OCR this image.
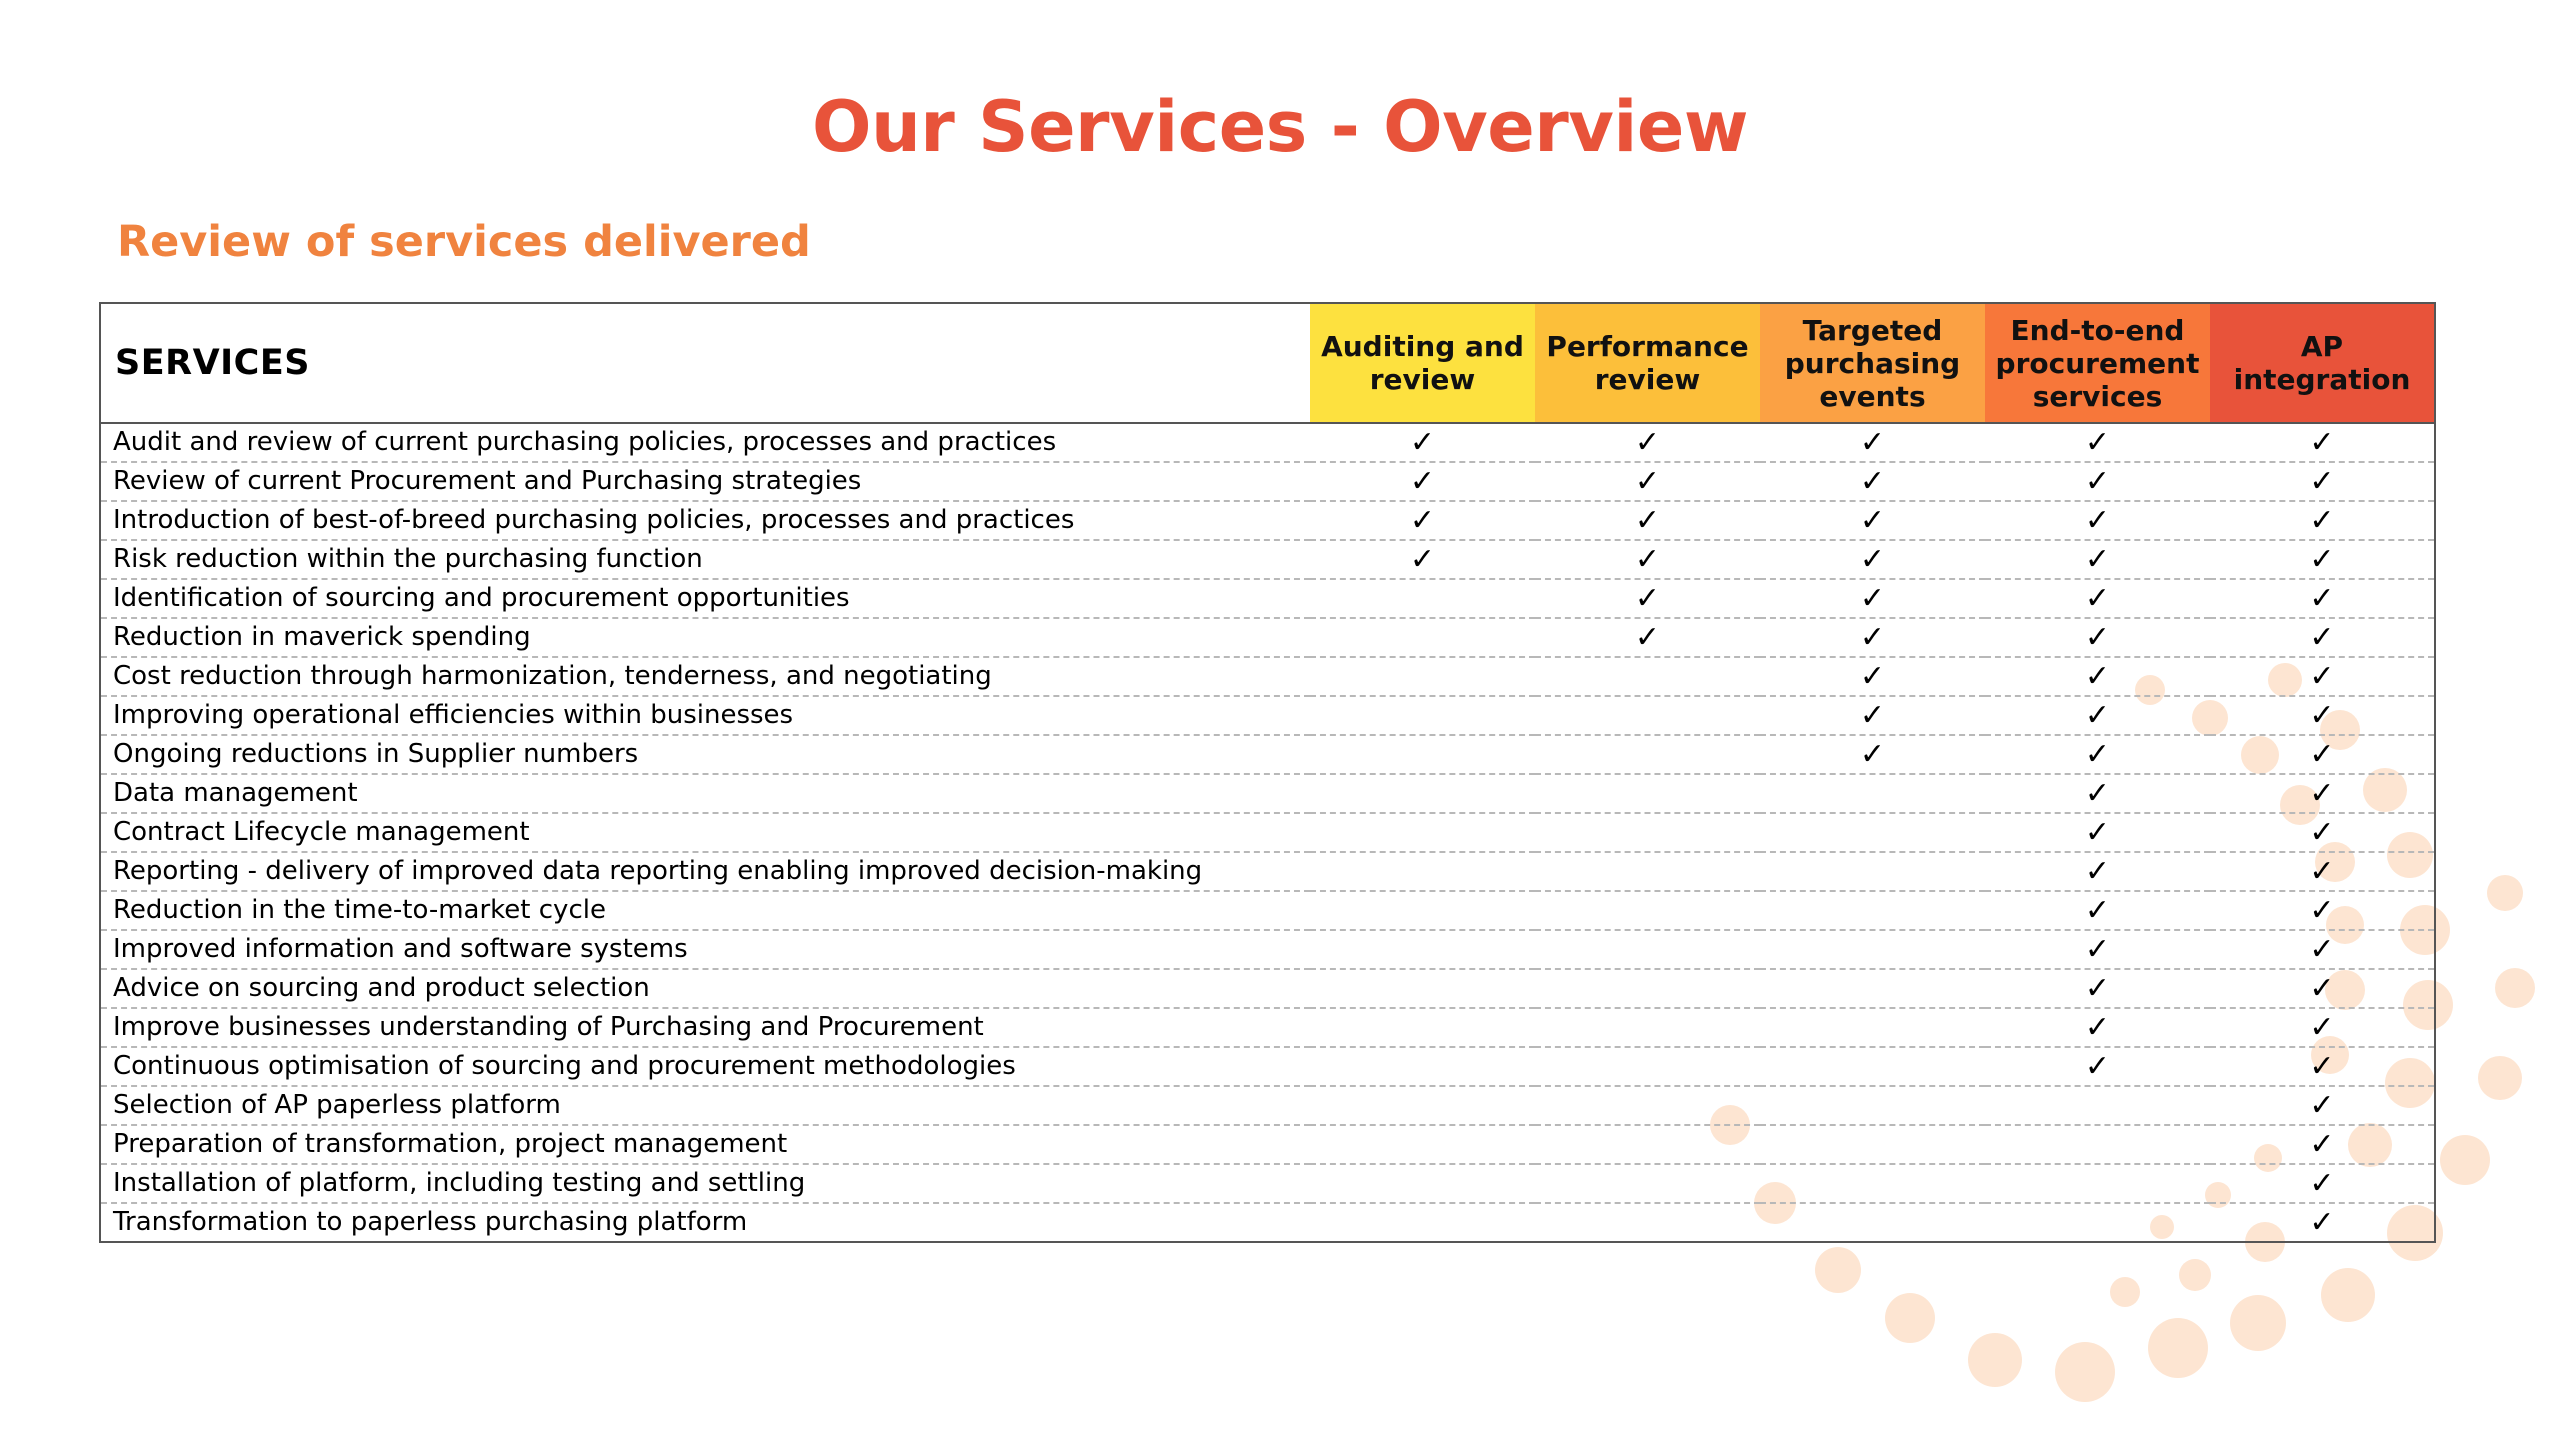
Our Services - Overview
Review of services delivered
SERVICES	Auditing and review	Performance review	Targeted purchasing events	End-to-end procurement services	AP integration
Audit and review of current purchasing policies, processes and practices	✓	✓	✓	✓	✓
Review of current Procurement and Purchasing strategies	✓	✓	✓	✓	✓
Introduction of best-of-breed purchasing policies, processes and practices	✓	✓	✓	✓	✓
Risk reduction within the purchasing function	✓	✓	✓	✓	✓
Identification of sourcing and procurement opportunities		✓	✓	✓	✓
Reduction in maverick spending		✓	✓	✓	✓
Cost reduction through harmonization, tenderness, and negotiating			✓	✓	✓
Improving operational efficiencies within businesses			✓	✓	✓
Ongoing reductions in Supplier numbers			✓	✓	✓
Data management				✓	✓
Contract Lifecycle management				✓	✓
Reporting - delivery of improved data reporting enabling improved decision-making				✓	✓
Reduction in the time-to-market cycle				✓	✓
Improved information and software systems				✓	✓
Advice on sourcing and product selection				✓	✓
Improve businesses understanding of Purchasing and Procurement				✓	✓
Continuous optimisation of sourcing and procurement methodologies				✓	✓
Selection of AP paperless platform					✓
Preparation of transformation, project management					✓
Installation of platform, including testing and settling					✓
Transformation to paperless purchasing platform					✓
